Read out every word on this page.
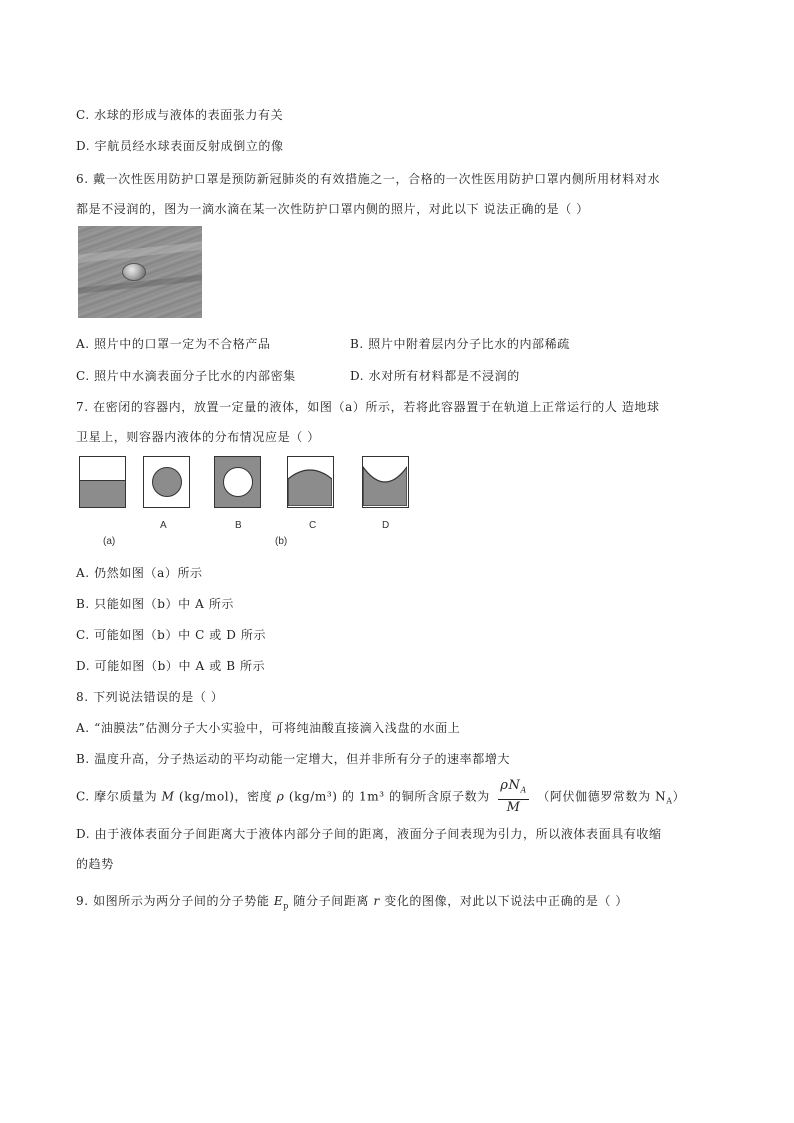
C. 水球的形成与液体的表面张力有关
D. 宇航员经水球表面反射成倒立的像
6. 戴一次性医用防护口罩是预防新冠肺炎的有效措施之一，合格的一次性医用防护口罩内侧所用材料对水
都是不浸润的，图为一滴水滴在某一次性防护口罩内侧的照片，对此以下 说法正确的是（ ）
A. 照片中的口罩一定为不合格产品	B. 照片中附着层内分子比水的内部稀疏
C. 照片中水滴表面分子比水的内部密集	D. 水对所有材料都是不浸润的
7. 在密闭的容器内，放置一定量的液体，如图（a）所示，若将此容器置于在轨道上正常运行的人 造地球
卫星上，则容器内液体的分布情况应是（ ）
A	B	C	D
(a)	(b)
A. 仍然如图（a）所示
B. 只能如图（b）中 A 所示
C. 可能如图（b）中 C 或 D 所示
D. 可能如图（b）中 A 或 B 所示
8. 下列说法错误的是（ ）
A. “油膜法”估测分子大小实验中，可将纯油酸直接滴入浅盘的水面上
B. 温度升高，分子热运动的平均动能一定增大，但并非所有分子的速率都增大
C. 摩尔质量为 M (kg/mol)，密度 ρ (kg/m³) 的 1m³ 的铜所含原子数为 $\frac{\rho N_A}{M}$ （阿伏伽德罗常数为 $N_A$）
D. 由于液体表面分子间距离大于液体内部分子间的距离，液面分子间表现为引力，所以液体表面具有收缩
的趋势
9. 如图所示为两分子间的分子势能 $E_p$ 随分子间距离 r 变化的图像，对此以下说法中正确的是（ ）
